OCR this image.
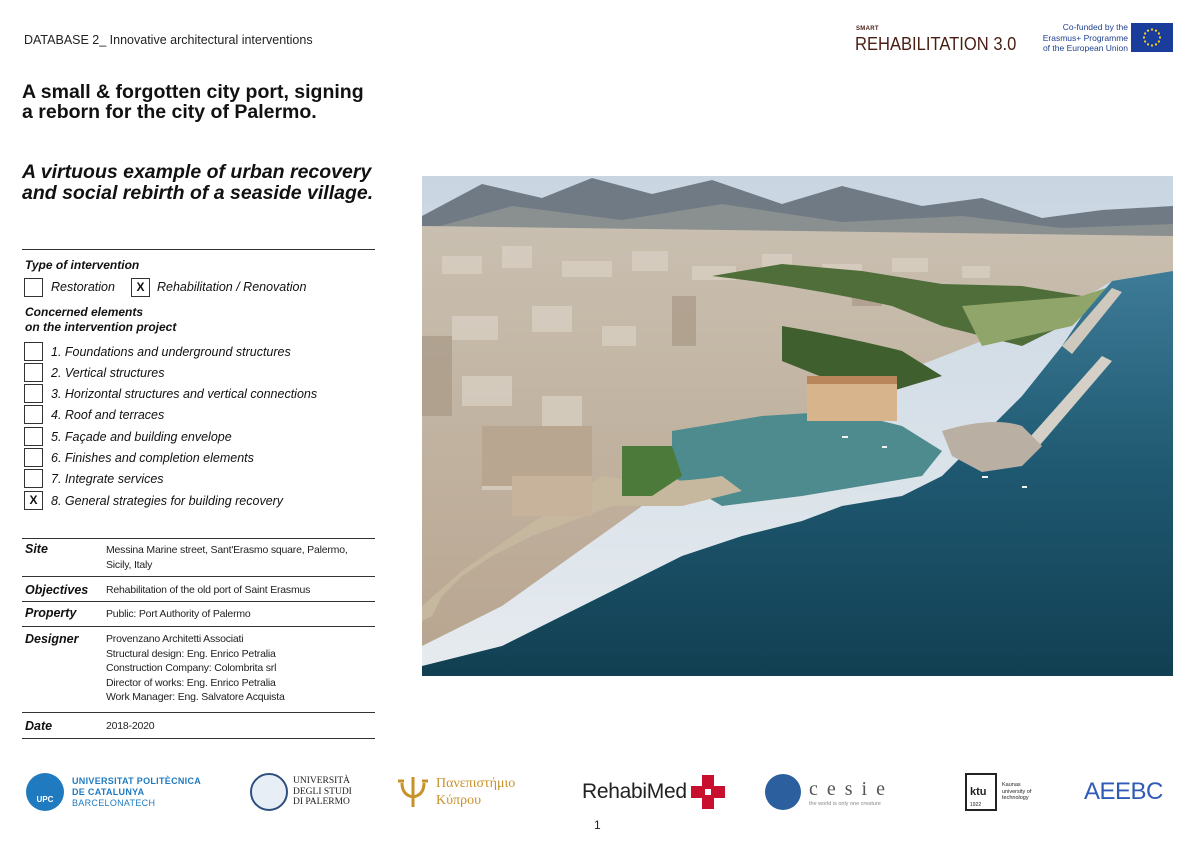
DATABASE 2_ Innovative architectural interventions
SMART
REHABILITATION 3.0
Co-funded by the
Erasmus+ Programme
of the European Union
A small & forgotten city port, signing a reborn for the city of Palermo.
A virtuous example of urban recovery and social rebirth of a seaside village.
Type of intervention
Restoration	X	Rehabilitation / Renovation
Concerned elements
on the intervention project
1. Foundations and underground structures
2. Vertical structures
3. Horizontal structures and vertical connections
4. Roof and terraces
5. Façade and building envelope
6. Finishes and completion elements
7. Integrate services
X	8. General strategies for building recovery
Site	Messina Marine street, Sant'Erasmo square, Palermo,
Sicily, Italy
Objectives Rehabilitation of the old port of Saint Erasmus
Property	Public: Port Authority of Palermo
Designer	Provenzano Architetti Associati
Structural design: Eng. Enrico Petralia
Construction Company: Colombrita srl
Director of works: Eng. Enrico Petralia
Work Manager: Eng. Salvatore Acquista
Date	2018-2020
UPC
UNIVERSITAT POLITÈCNICA
DE CATALUNYA
BARCELONATECH
UNIVERSITÀ
DEGLI STUDI
DI PALERMO
Πανεπιστήμιο
Κύπρου	RehabiMed	c e s i e
the world is only one creature
ktu
1922
Kaunas
university of
technology AEEBC
1
